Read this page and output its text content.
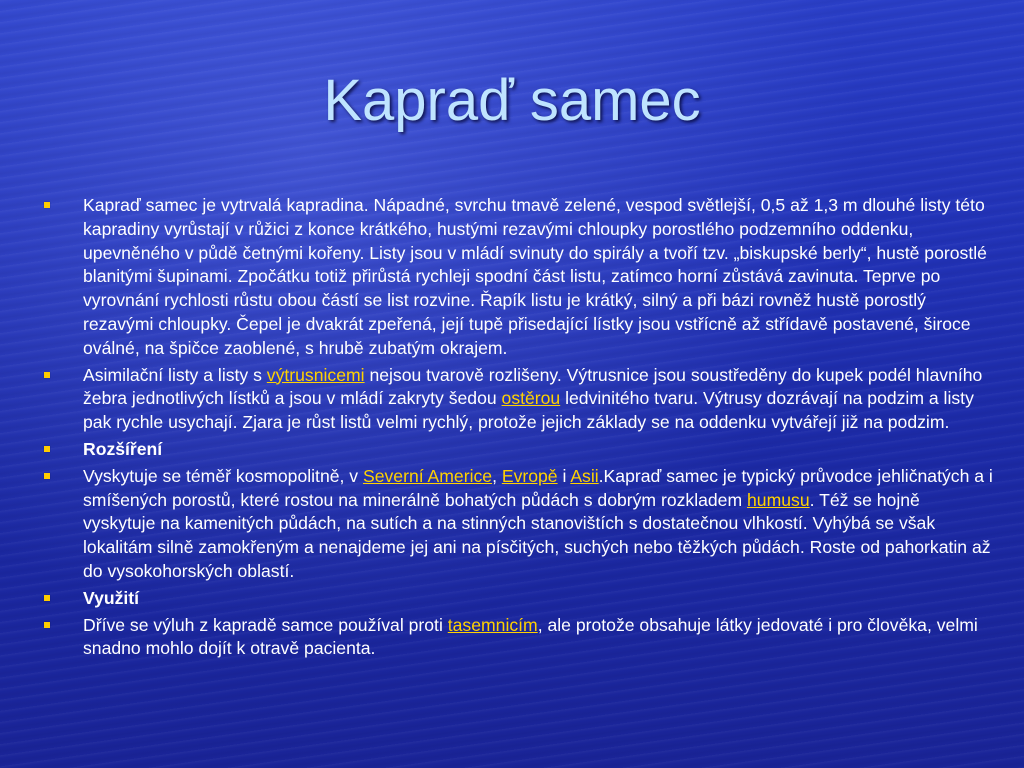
Kapraď samec
Kapraď samec je vytrvalá kapradina. Nápadné, svrchu tmavě zelené, vespod světlejší, 0,5 až 1,3 m dlouhé listy této kapradiny vyrůstají v růžici z konce krátkého, hustými rezavými chloupky porostlého podzemního oddenku, upevněného v půdě četnými kořeny. Listy jsou v mládí svinuty do spirály a tvoří tzv. „biskupské berly“, hustě porostlé blanitými šupinami. Zpočátku totiž přirůstá rychleji spodní část listu, zatímco horní zůstává zavinuta. Teprve po vyrovnání rychlosti růstu obou částí se list rozvine. Řapík listu je krátký, silný a při bázi rovněž hustě porostlý rezavými chloupky. Čepel je dvakrát zpeřená, její tupě přisedající lístky jsou vstřícně až střídavě postavené, široce oválné, na špičce zaoblené, s hrubě zubatým okrajem.
Asimilační listy a listy s výtrusnicemi nejsou tvarově rozlišeny. Výtrusnice jsou soustředěny do kupek podél hlavního žebra jednotlivých lístků a jsou v mládí zakryty šedou ostěrou ledvinitého tvaru. Výtrusy dozrávají na podzim a listy pak rychle usychají. Zjara je růst listů velmi rychlý, protože jejich základy se na oddenku vytvářejí již na podzim.
Rozšíření
Vyskytuje se téměř kosmopolitně, v Severní Americe, Evropě i Asii.Kapraď samec je typický průvodce jehličnatých a i smíšených porostů, které rostou na minerálně bohatých půdách s dobrým rozkladem humusu. Též se hojně vyskytuje na kamenitých půdách, na sutích a na stinných stanovištích s dostatečnou vlhkostí. Vyhýbá se však lokalitám silně zamokřeným a nenajdeme jej ani na písčitých, suchých nebo těžkých půdách. Roste od pahorkatin až do vysokohorských oblastí.
Využití
Dříve se výluh z kapradě samce používal proti tasemnicím, ale protože obsahuje látky jedovaté i pro člověka, velmi snadno mohlo dojít k otravě pacienta.
